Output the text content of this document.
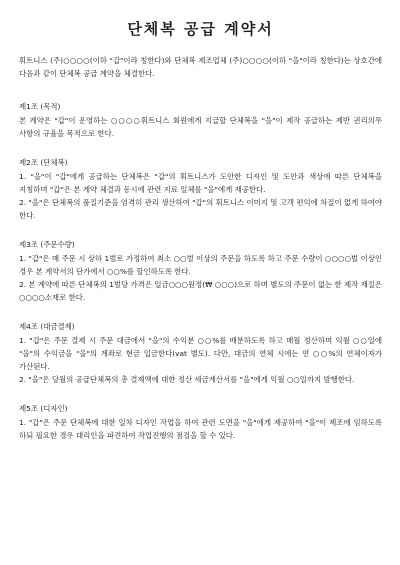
단체복 공급 계약서

휘트니스 (주)○○○○(이하 "갑"이라 칭한다)와 단체복 제조업체 (주)○○○○(이하 "을"이라 칭한다)는 상호간에 다음과 같이 단체복 공급 계약을 체결한다.

제1조 (목적)

본 계약은 "갑"이 운영하는 ○○○○휘트니스 회원에게 지급할 단체복을 "을"이 제작 공급하는 제반 권리의무 사항의 규율을 목적으로 한다.

제2조 (단체복)

1. "을"이 "갑"에게 공급하는 단체복은 "갑"의 휘트니스가 도안한 디자인 및 도안과 색상에 따른 단체복을 지칭하며 "갑"은 본 계약 체결과 동시에 관련 지료 일체를 "을"에게 제공한다.

2. "을"은 단체복의 품질기준을 엄격히 관리 생산하여 "갑"의 휘트니스 이미지 및 고객 편익에 차질이 없게 하여야 한다.

제3조 (주문수량)

1. "갑"은 매 주문 시 상하 1벌로 가정하여 최소 ○○벌 이상의 주문을 하도록 하고 주문 수량이 ○○○○벌 이상인 경우 본 계약서의 단가에서 ○○%를 할인하도록 한다.

2. 본 계약에 따른 단체복의 1벌당 가격은 일금○○○원정(₩ ○○○)으로 하며 별도의 주문이 없는 한 제작 재질은 ○○○○소재로 한다.

제4조 (대금결제)

1. "갑"은 주문 결제 시 주문 대금에서 "을"의 수익분 ○○%를 배분하도록 하고 매월 정산하며 익월 ○○일에 "을"의 수익금을 "을"의 계좌로 현금 입금한다(vat 별도). 다만, 대금의 연체 시에는 연 ○○%의 연체이자가 가산된다.

2. "을"은 당월의 공급단체복의 총 결제액에 대한 정산 세금계산서를 "을"에게 익월 ○○일까지 발행한다.

제5조 (디자인)

1. "갑"은 주문 단체복에 대한 일차 디자인 작업을 하여 관련 도면을 "을"에게 제공하여 "을"이 제조에 임하도록 하되 필요한 경우 대리인을 파견하여 작업진행의 점검을 할 수 있다.
